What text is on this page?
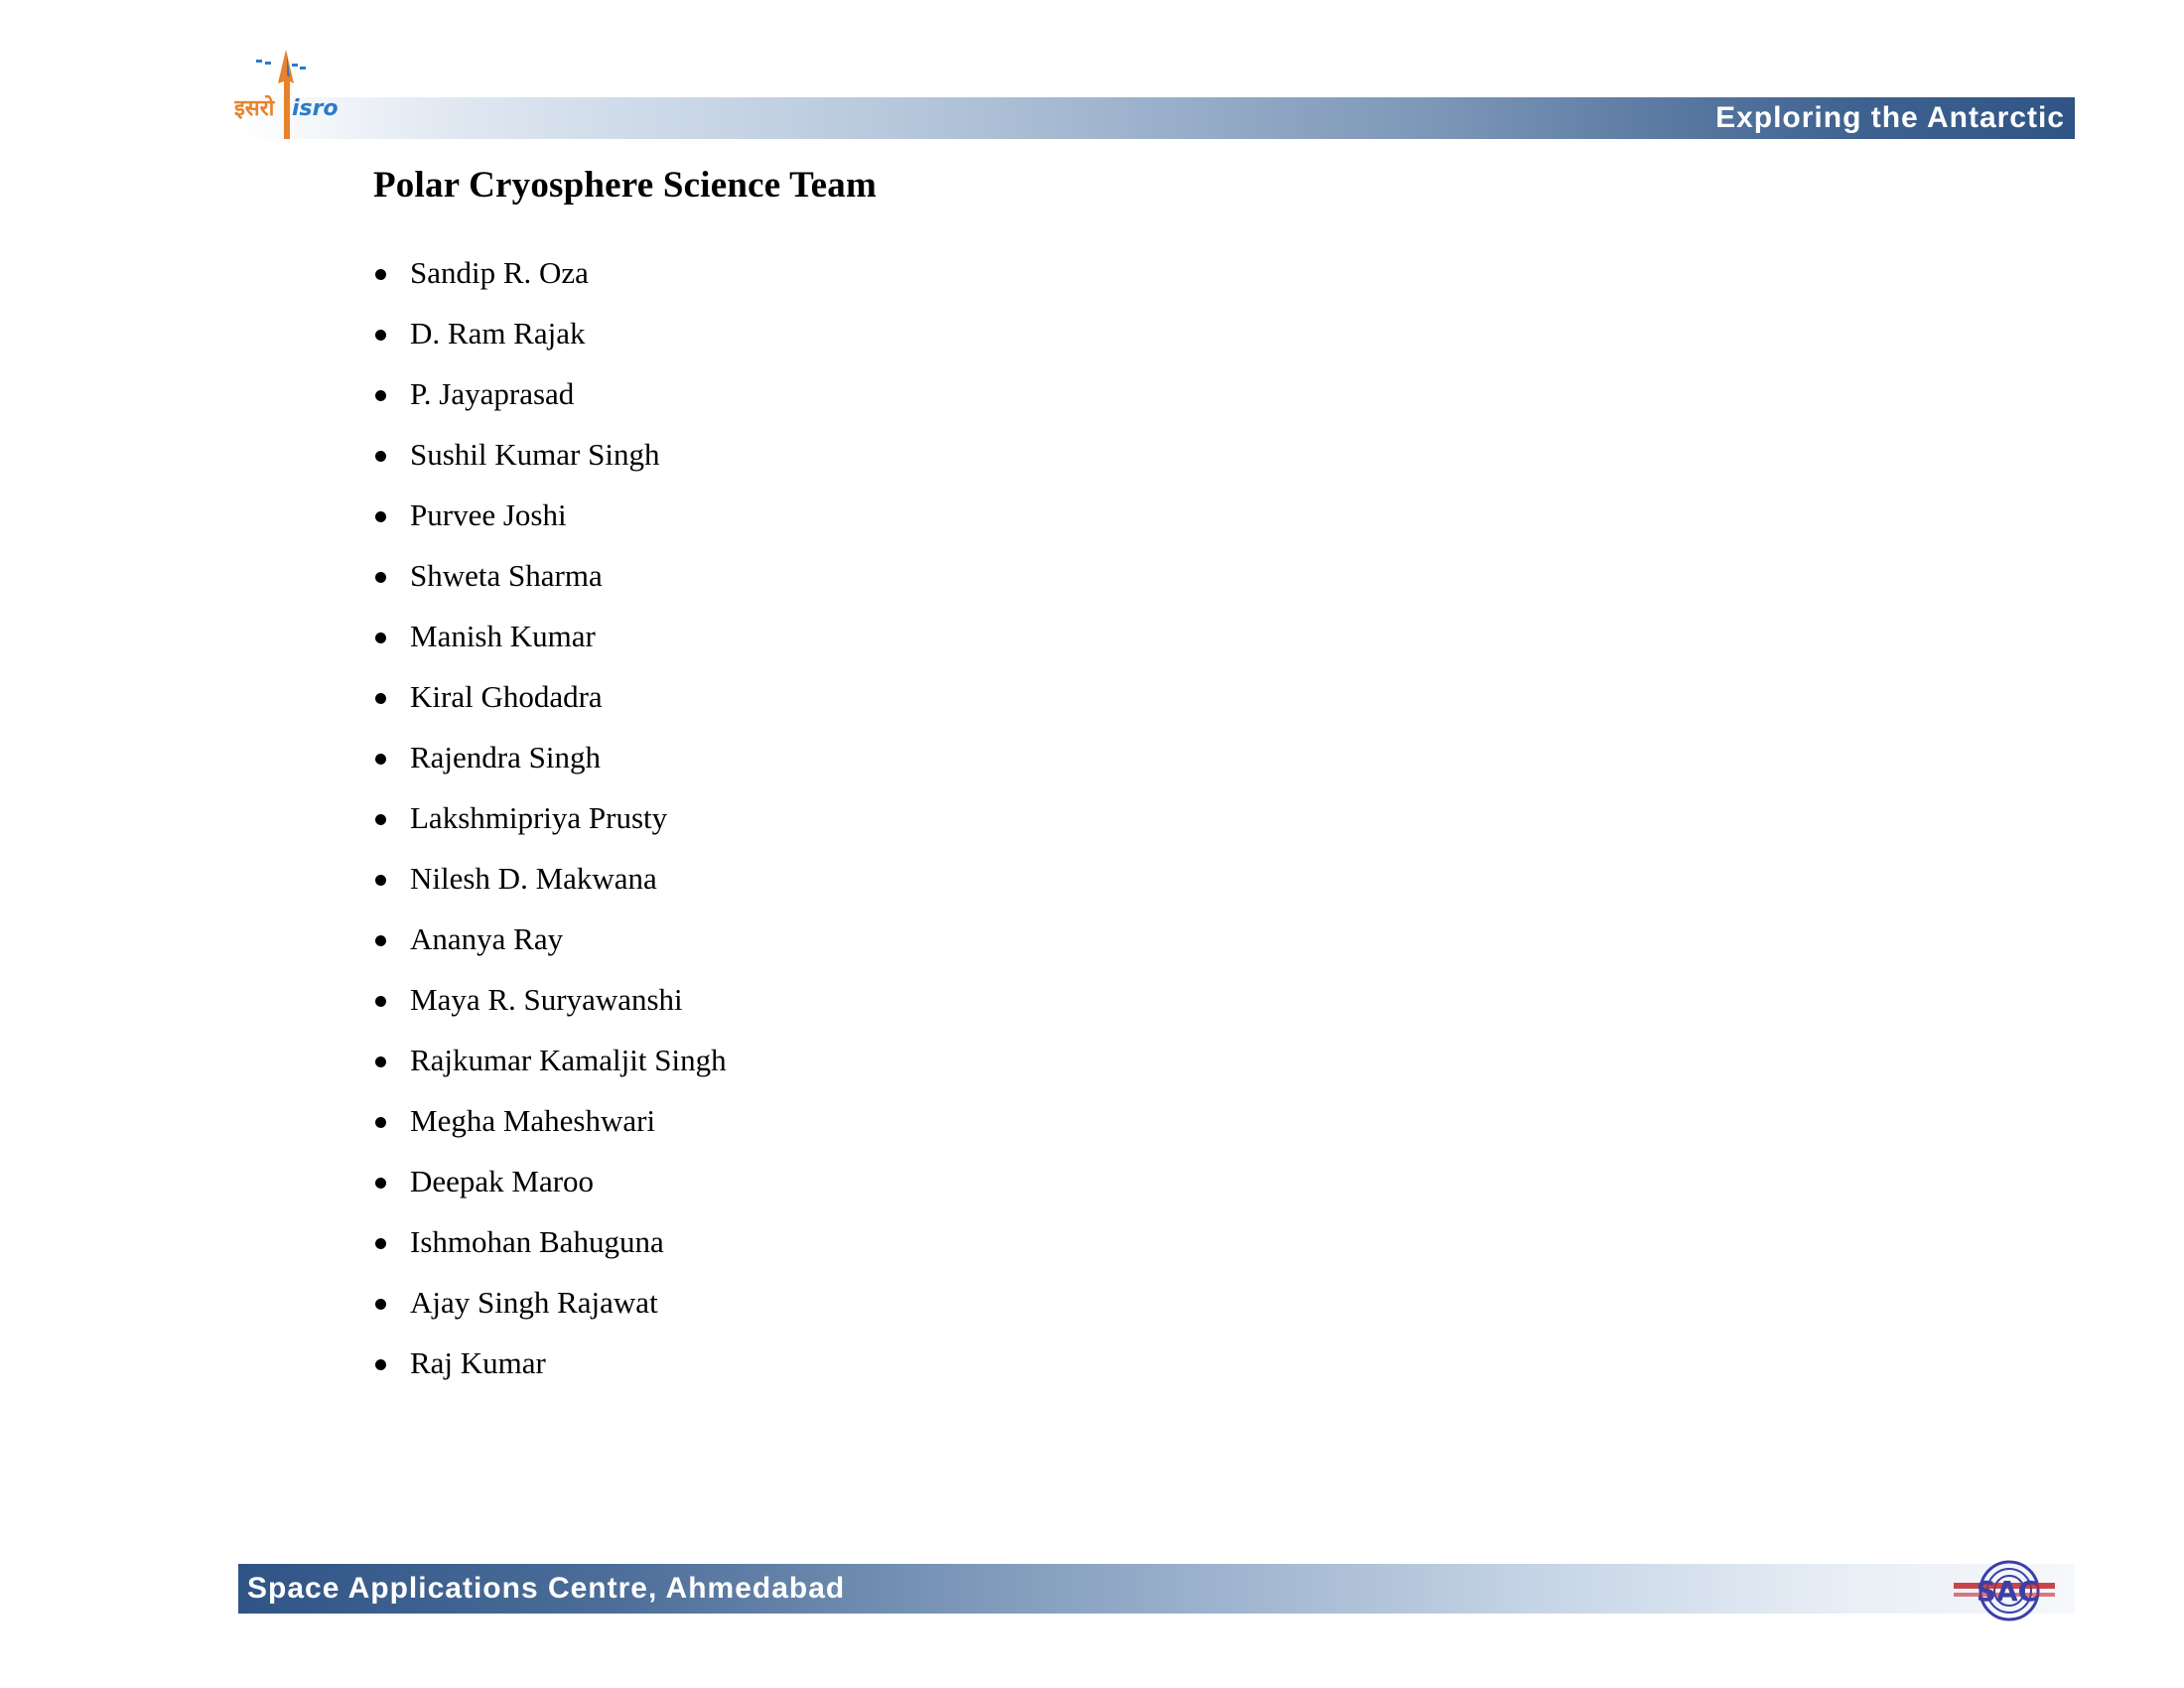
Exploring the Antarctic
इसरो isro
Polar Cryosphere Science Team
Sandip R. Oza
D. Ram Rajak
P. Jayaprasad
Sushil Kumar Singh
Purvee Joshi
Shweta Sharma
Manish Kumar
Kiral Ghodadra
Rajendra Singh
Lakshmipriya Prusty
Nilesh D. Makwana
Ananya Ray
Maya R. Suryawanshi
Rajkumar Kamaljit Singh
Megha Maheshwari
Deepak Maroo
Ishmohan Bahuguna
Ajay Singh Rajawat
Raj Kumar
Space Applications Centre, Ahmedabad	SAC
